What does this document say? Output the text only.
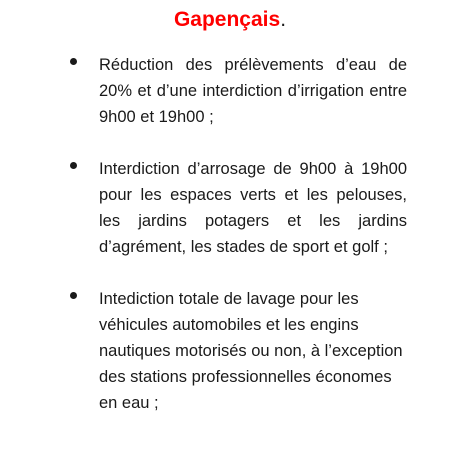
Gapençais.
Réduction des prélèvements d’eau de 20% et d’une interdiction d’irrigation entre 9h00 et 19h00 ;
Interdiction d’arrosage de 9h00 à 19h00 pour les espaces verts et les pelouses, les jardins potagers et les jardins d’agrément, les stades de sport et golf ;
Intediction totale de lavage pour les véhicules automobiles et les engins nautiques motorisés ou non, à l’exception des stations professionnelles économes en eau ;
